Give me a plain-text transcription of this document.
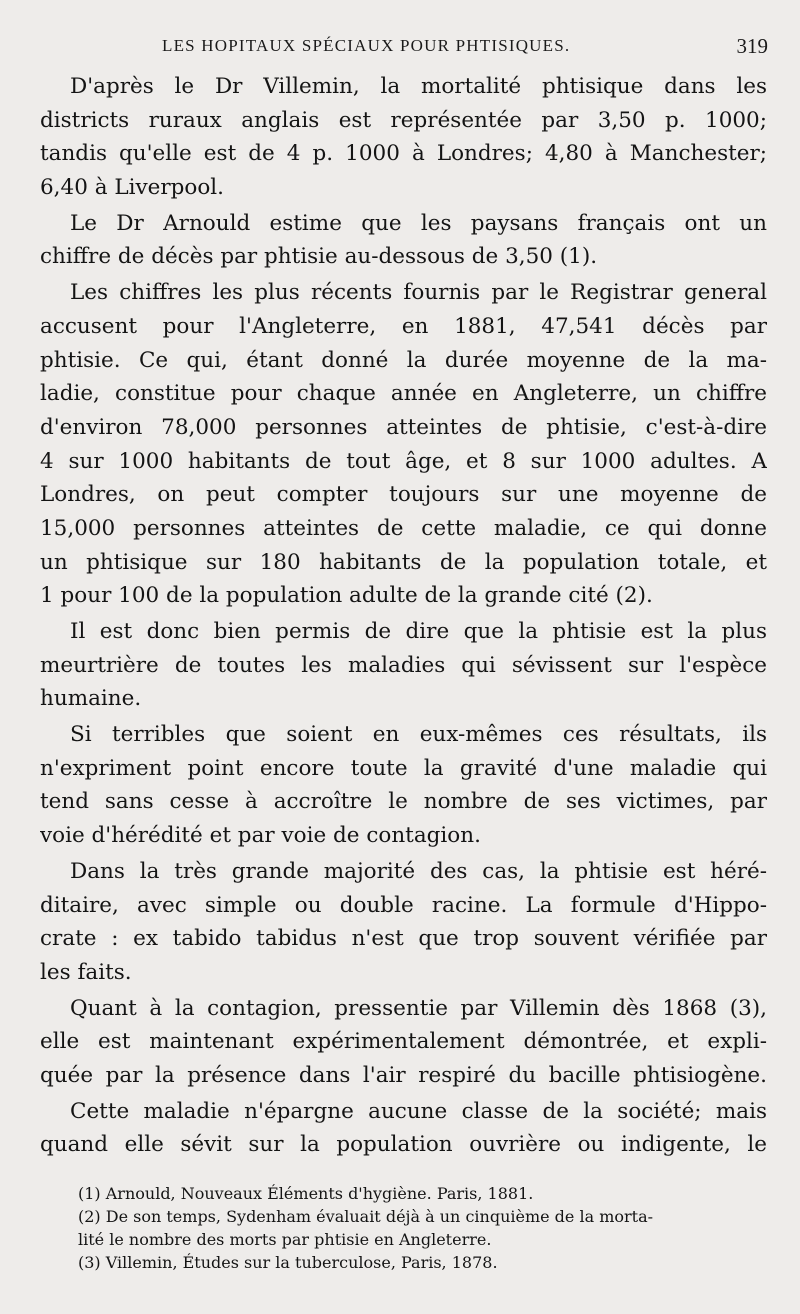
LES HOPITAUX SPÉCIAUX POUR PHTISIQUES.	319
D'après le Dr Villemin, la mortalité phtisique dans les
districts ruraux anglais est représentée par 3,50 p. 1000;
tandis qu'elle est de 4 p. 1000 à Londres; 4,80 à Manchester;
6,40 à Liverpool.
Le Dr Arnould estime que les paysans français ont un
chiffre de décès par phtisie au-dessous de 3,50 (1).
Les chiffres les plus récents fournis par le Registrar general
accusent pour l'Angleterre, en 1881, 47,541 décès par
phtisie. Ce qui, étant donné la durée moyenne de la ma-
ladie, constitue pour chaque année en Angleterre, un chiffre
d'environ 78,000 personnes atteintes de phtisie, c'est-à-dire
4 sur 1000 habitants de tout âge, et 8 sur 1000 adultes. A
Londres, on peut compter toujours sur une moyenne de
15,000 personnes atteintes de cette maladie, ce qui donne
un phtisique sur 180 habitants de la population totale, et
1 pour 100 de la population adulte de la grande cité (2).
Il est donc bien permis de dire que la phtisie est la plus
meurtrière de toutes les maladies qui sévissent sur l'espèce
humaine.
Si terribles que soient en eux-mêmes ces résultats, ils
n'expriment point encore toute la gravité d'une maladie qui
tend sans cesse à accroître le nombre de ses victimes, par
voie d'hérédité et par voie de contagion.
Dans la très grande majorité des cas, la phtisie est héré-
ditaire, avec simple ou double racine. La formule d'Hippo-
crate : ex tabido tabidus n'est que trop souvent vérifiée par
les faits.
Quant à la contagion, pressentie par Villemin dès 1868 (3),
elle est maintenant expérimentalement démontrée, et expli-
quée par la présence dans l'air respiré du bacille phtisiogène.
Cette maladie n'épargne aucune classe de la société; mais
quand elle sévit sur la population ouvrière ou indigente, le
(1) Arnould, Nouveaux Éléments d'hygiène. Paris, 1881.
(2) De son temps, Sydenham évaluait déjà à un cinquième de la morta-
lité le nombre des morts par phtisie en Angleterre.
(3) Villemin, Études sur la tuberculose, Paris, 1878.
